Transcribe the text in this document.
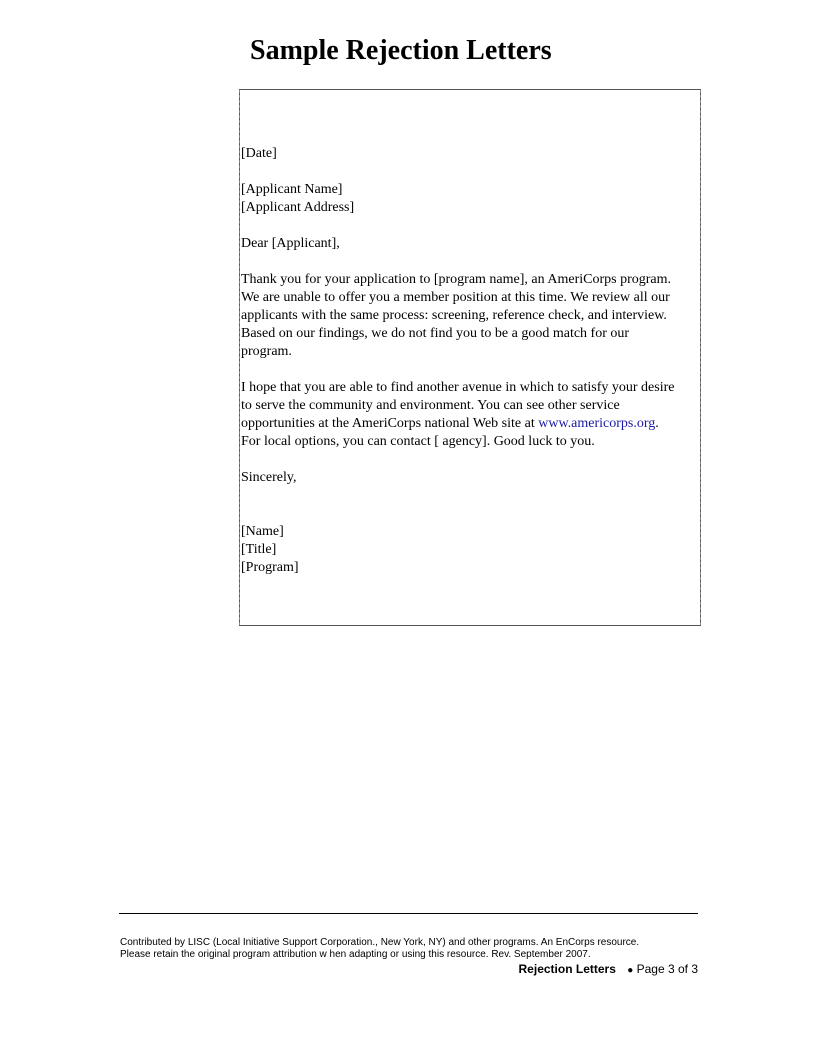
Sample Rejection Letters

[Date]

[Applicant Name]
[Applicant Address]

Dear [Applicant],

Thank you for your application to [program name], an AmeriCorps program.
We are unable to offer you a member position at this time. We review all our
applicants with the same process: screening, reference check, and interview.
Based on our findings, we do not find you to be a good match for our
program.

I hope that you are able to find another avenue in which to satisfy your desire
to serve the community and environment. You can see other service
opportunities at the AmeriCorps national Web site at www.americorps.org.
For local options, you can contact [ agency]. Good luck to you.

Sincerely,

[Name]
[Title]
[Program]

Contributed by LISC (Local Initiative Support Corporation., New York, NY) and other programs. An EnCorps resource.
Please retain the original program attribution w hen adapting or using this resource. Rev. September 2007.
Rejection Letters ● Page 3 of 3
